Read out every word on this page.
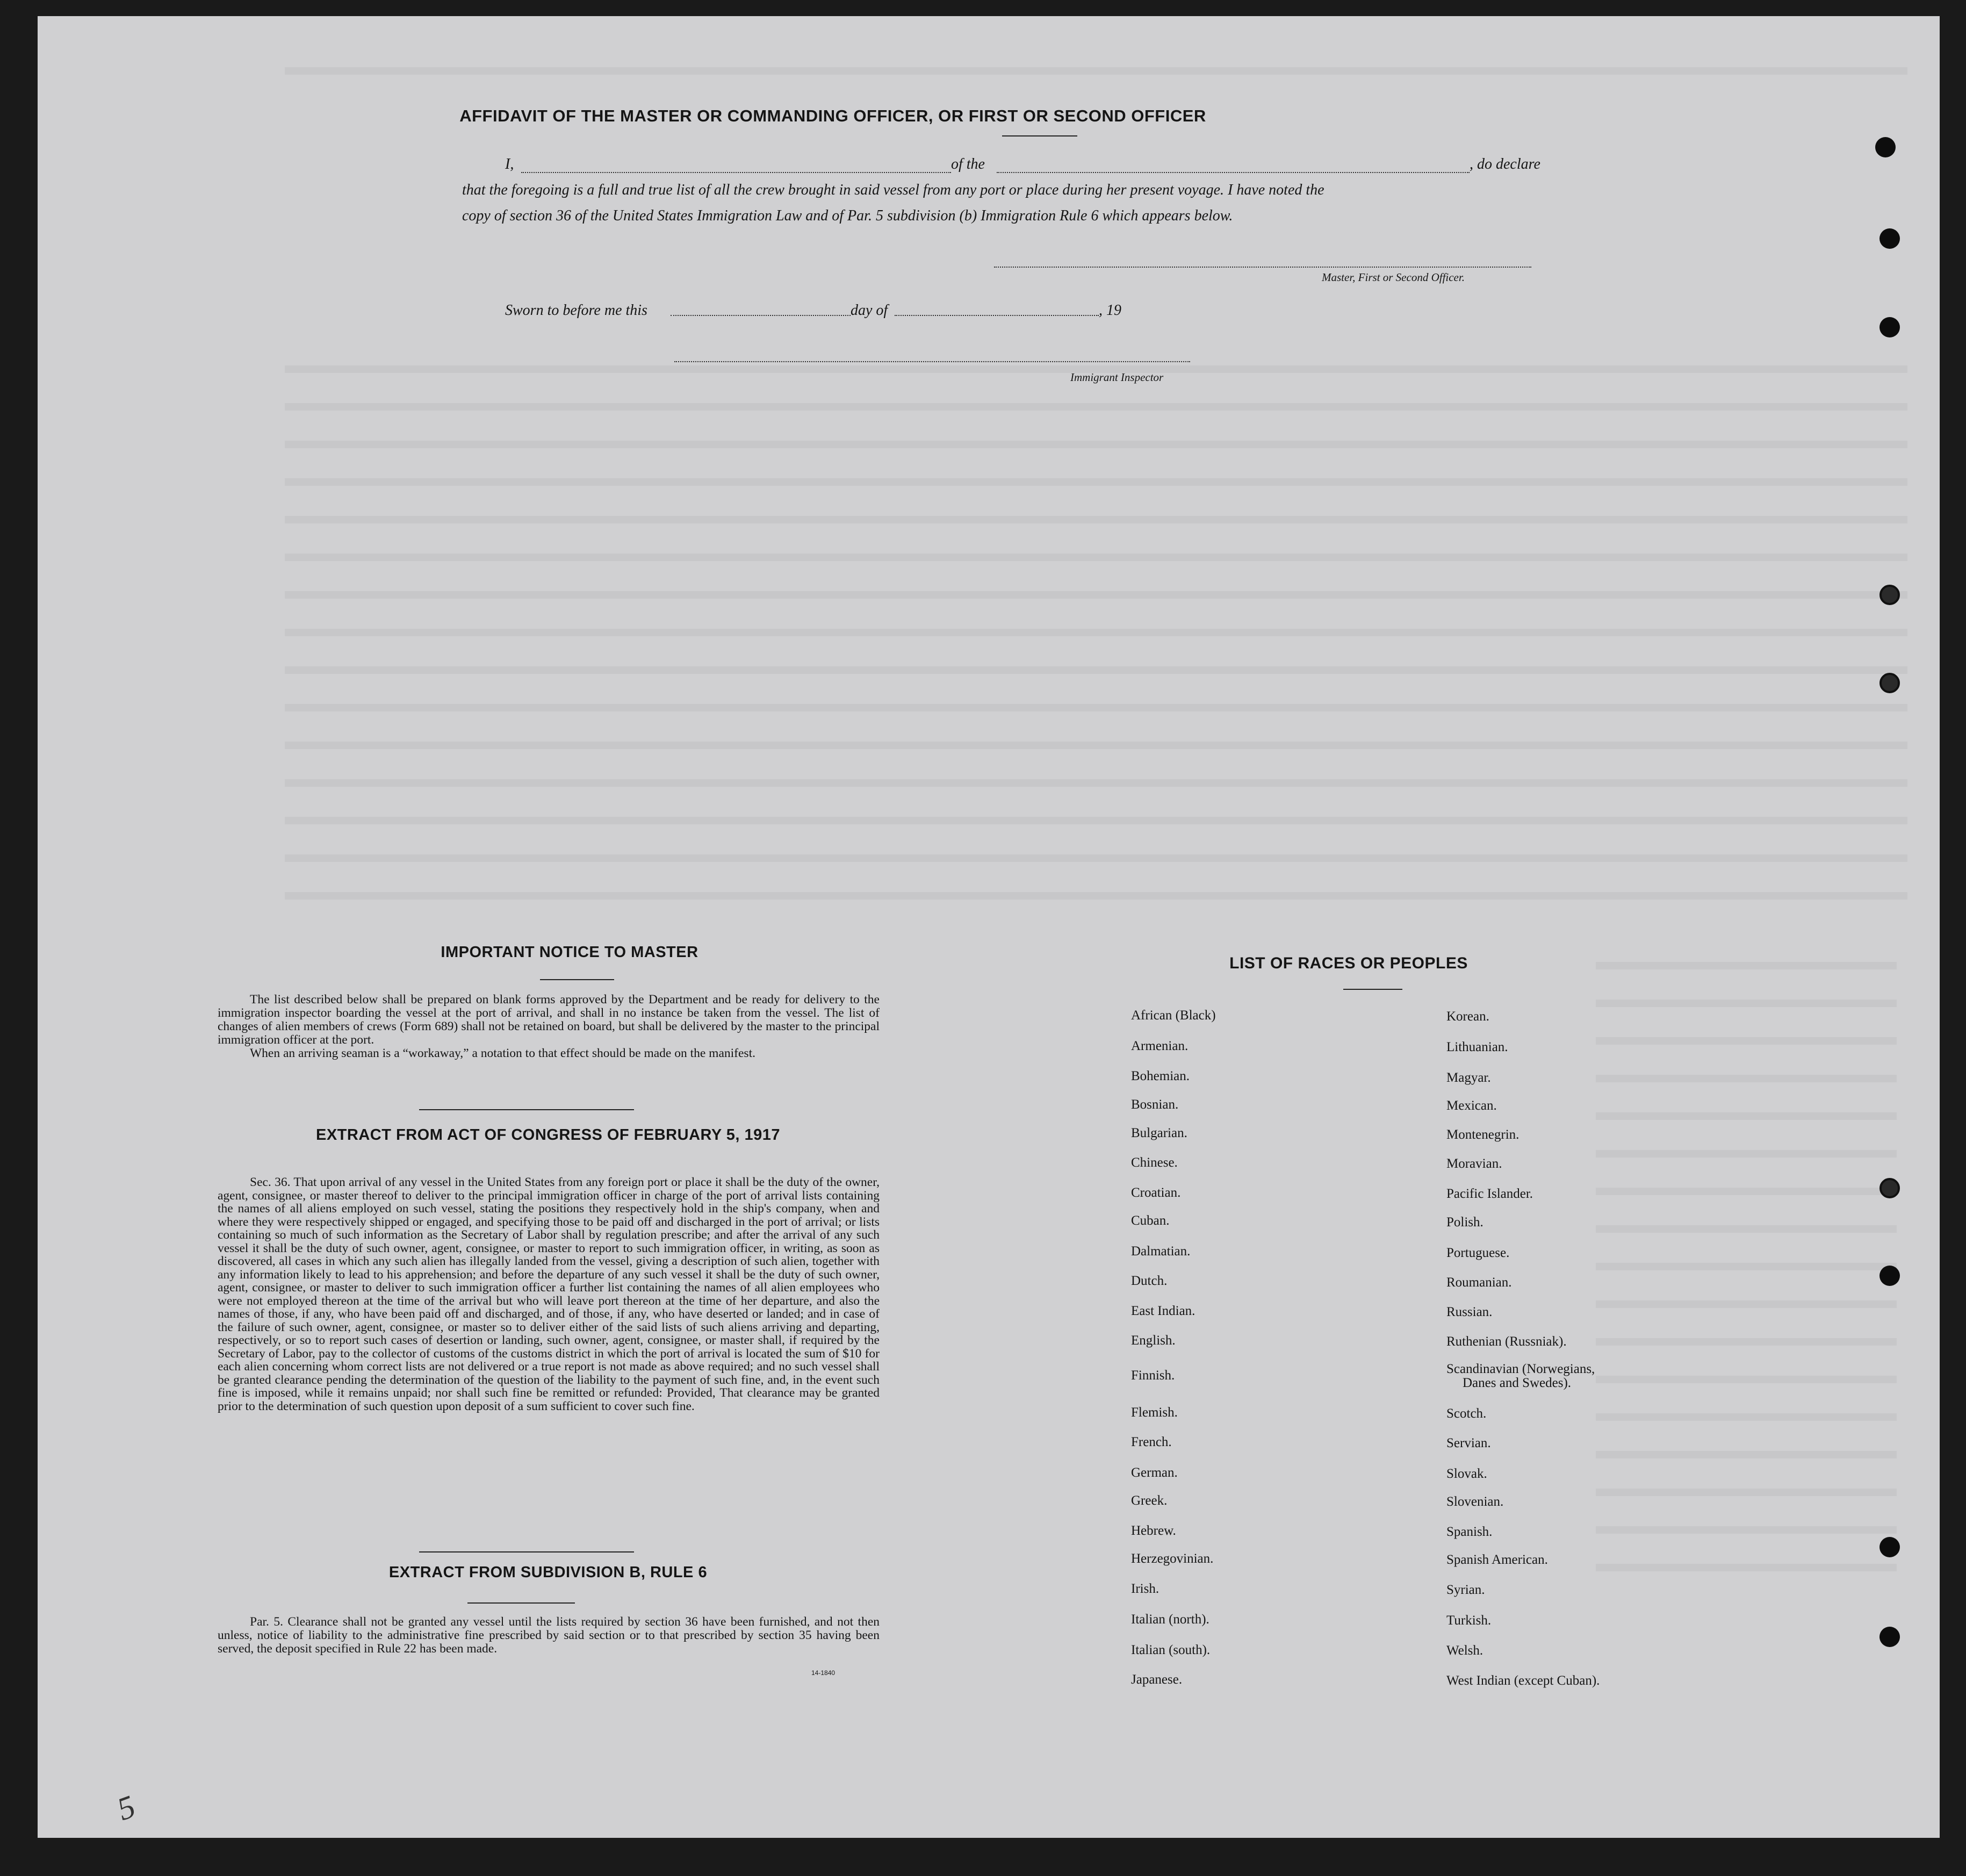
AFFIDAVIT OF THE MASTER OR COMMANDING OFFICER, OR FIRST OR SECOND OFFICER
I,	of the	, do declare
that the foregoing is a full and true list of all the crew brought in said vessel from any port or place during her present voyage. I have noted the
copy of section 36 of the United States Immigration Law and of Par. 5 subdivision (b) Immigration Rule 6 which appears below.
Master, First or Second Officer.
Sworn to before me this	day of	, 19
Immigrant Inspector
IMPORTANT NOTICE TO MASTER

The list described below shall be prepared on blank forms approved by the Department and be ready for delivery to the immigration inspector boarding the vessel at the port of arrival, and shall in no instance be taken from the vessel. The list of changes of alien members of crews (Form 689) shall not be retained on board, but shall be delivered by the master to the principal immigration officer at the port.

When an arriving seaman is a “workaway,” a notation to that effect should be made on the manifest.

EXTRACT FROM ACT OF CONGRESS OF FEBRUARY 5, 1917

Sec. 36. That upon arrival of any vessel in the United States from any foreign port or place it shall be the duty of the owner, agent, consignee, or master thereof to deliver to the principal immigration officer in charge of the port of arrival lists containing the names of all aliens employed on such vessel, stating the positions they respectively hold in the ship's company, when and where they were respectively shipped or engaged, and specifying those to be paid off and discharged in the port of arrival; or lists containing so much of such information as the Secretary of Labor shall by regulation prescribe; and after the arrival of any such vessel it shall be the duty of such owner, agent, consignee, or master to report to such immigration officer, in writing, as soon as discovered, all cases in which any such alien has illegally landed from the vessel, giving a description of such alien, together with any information likely to lead to his apprehension; and before the departure of any such vessel it shall be the duty of such owner, agent, consignee, or master to deliver to such immigration officer a further list containing the names of all alien employees who were not employed thereon at the time of the arrival but who will leave port thereon at the time of her departure, and also the names of those, if any, who have been paid off and discharged, and of those, if any, who have deserted or landed; and in case of the failure of such owner, agent, consignee, or master so to deliver either of the said lists of such aliens arriving and departing, respectively, or so to report such cases of desertion or landing, such owner, agent, consignee, or master shall, if required by the Secretary of Labor, pay to the collector of customs of the customs district in which the port of arrival is located the sum of $10 for each alien concerning whom correct lists are not delivered or a true report is not made as above required; and no such vessel shall be granted clearance pending the determination of the question of the liability to the payment of such fine, and, in the event such fine is imposed, while it remains unpaid; nor shall such fine be remitted or refunded: Provided, That clearance may be granted prior to the determination of such question upon deposit of a sum sufficient to cover such fine.

EXTRACT FROM SUBDIVISION B, RULE 6

Par. 5. Clearance shall not be granted any vessel until the lists required by section 36 have been furnished, and not then unless, notice of liability to the administrative fine prescribed by said section or to that prescribed by section 35 having been served, the deposit specified in Rule 22 has been made.

14-1840
LIST OF RACES OR PEOPLES
African (Black)
Armenian.
Bohemian.
Bosnian.
Bulgarian.
Chinese.
Croatian.
Cuban.
Dalmatian.
Dutch.
East Indian.
English.
Finnish.
Flemish.
French.
German.
Greek.
Hebrew.
Herzegovinian.
Irish.
Italian (north).
Italian (south).
Japanese.
Korean.
Lithuanian.
Magyar.
Mexican.
Montenegrin.
Moravian.
Pacific Islander.
Polish.
Portuguese.
Roumanian.
Russian.
Ruthenian (Russniak).
Scandinavian (Norwegians,
Danes and Swedes).
Scotch.
Servian.
Slovak.
Slovenian.
Spanish.
Spanish American.
Syrian.
Turkish.
Welsh.
West Indian (except Cuban).
5
